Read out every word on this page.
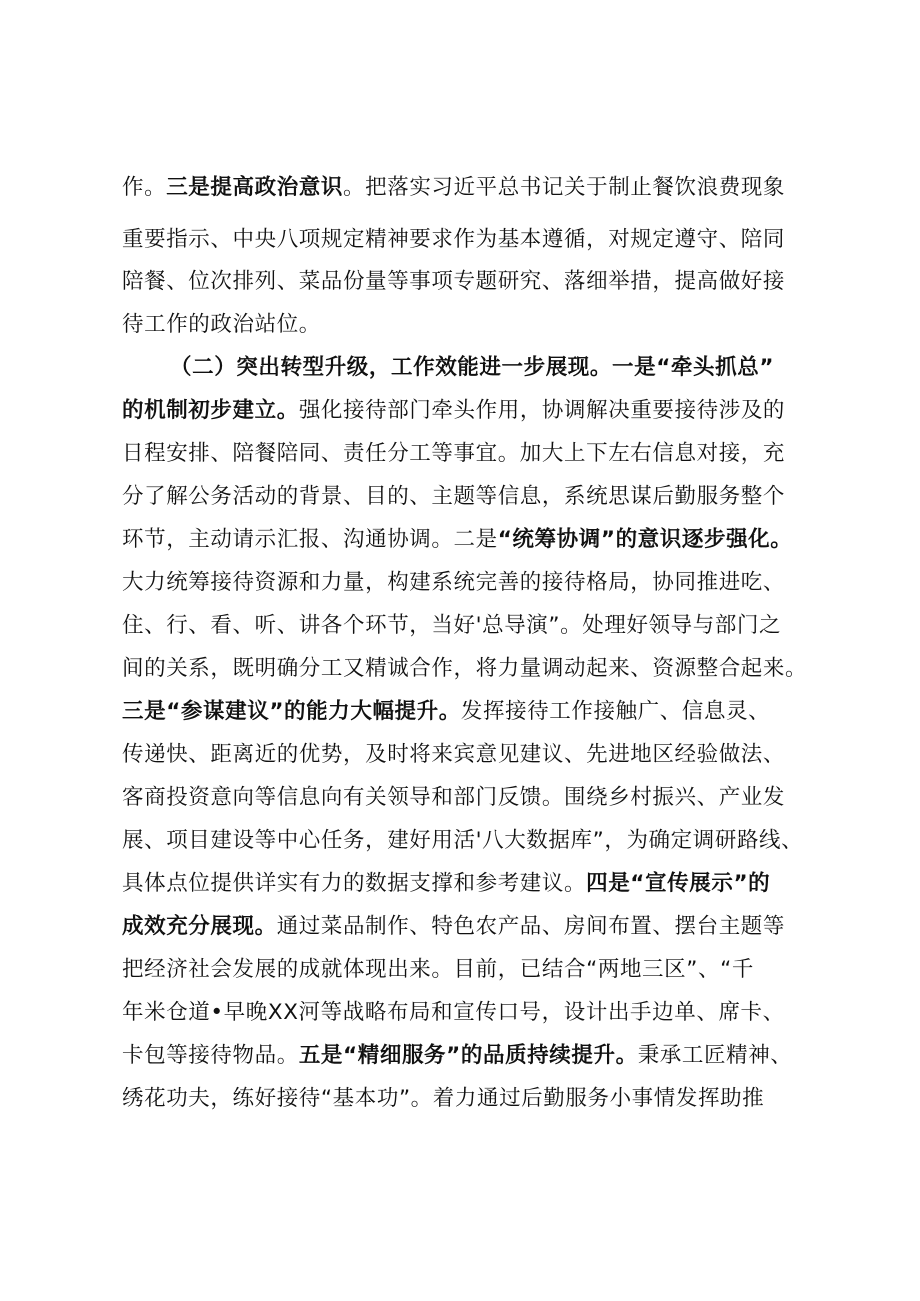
作。三是提高政治意识。把落实习近平总书记关于制止餐饮浪费现象
重要指示、中央八项规定精神要求作为基本遵循，对规定遵守、陪同
陪餐、位次排列、菜品份量等事项专题研究、落细举措，提高做好接
待工作的政治站位。
（二）突出转型升级，工作效能进一步展现。一是“牵头抓总”
的机制初步建立。强化接待部门牵头作用，协调解决重要接待涉及的
日程安排、陪餐陪同、责任分工等事宜。加大上下左右信息对接，充
分了解公务活动的背景、目的、主题等信息，系统思谋后勤服务整个
环节，主动请示汇报、沟通协调。二是“统筹协调”的意识逐步强化。
大力统筹接待资源和力量，构建系统完善的接待格局，协同推进吃、
住、行、看、听、讲各个环节，当好'总导演”。处理好领导与部门之
间的关系，既明确分工又精诚合作，将力量调动起来、资源整合起来。
三是“参谋建议”的能力大幅提升。发挥接待工作接触广、信息灵、
传递快、距离近的优势，及时将来宾意见建议、先进地区经验做法、
客商投资意向等信息向有关领导和部门反馈。围绕乡村振兴、产业发
展、项目建设等中心任务，建好用活'八大数据库”，为确定调研路线、
具体点位提供详实有力的数据支撑和参考建议。四是“宣传展示”的
成效充分展现。通过菜品制作、特色农产品、房间布置、摆台主题等
把经济社会发展的成就体现出来。目前，已结合“两地三区”、“千
年米仓道•早晚XX河等战略布局和宣传口号，设计出手边单、席卡、
卡包等接待物品。五是“精细服务”的品质持续提升。秉承工匠精神、
绣花功夫，练好接待“基本功”。着力通过后勤服务小事情发挥助推
